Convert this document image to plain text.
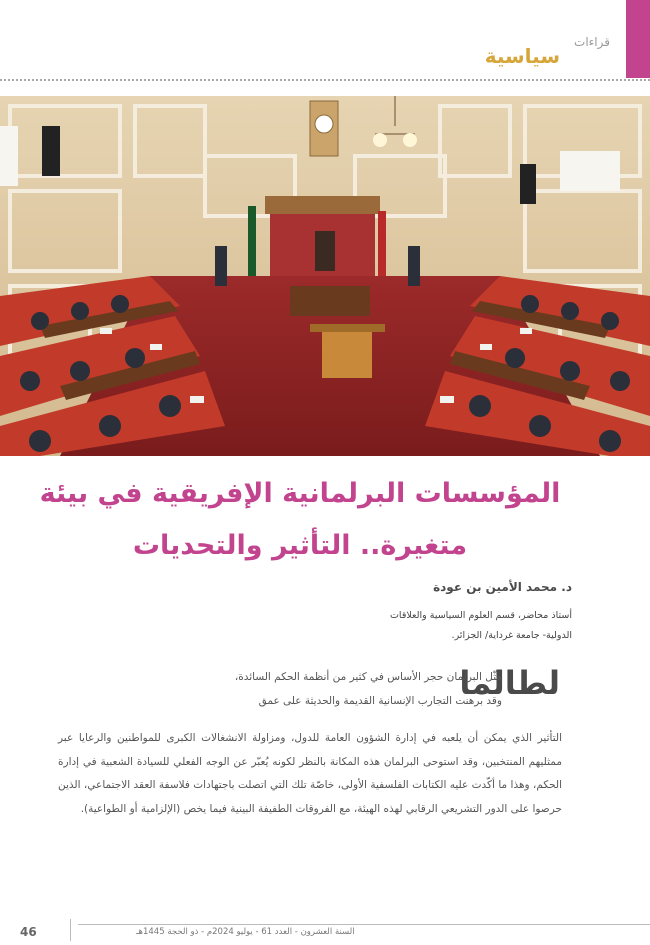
قراءات
سياسية
المؤسسات البرلمانية الإفريقية في بيئة
متغيرة.. التأثير والتحديات
د. محمد الأمين بن عودة
أستاذ محاضر، قسم العلوم السياسية والعلاقات
الدولية- جامعة غرداية/ الجزائر.
لطالما
مثّل البرلمان حجر الأساس في كثير من أنظمة الحكم السائدة،
وقد برهنت التجارب الإنسانية القديمة والحديثة على عمق

التأثير الذي يمكن أن يلعبه في إدارة الشؤون العامة للدول، ومزاولة الانشغالات الكبرى للمواطنين والرعايا عبر ممثليهم المنتخبين، وقد استوحى البرلمان هذه المكانة بالنظر لكونه يُعبّر عن الوجه الفعلي للسيادة الشعبية في إدارة الحكم، وهذا ما أكّدت عليه الكتابات الفلسفية الأولى، خاصّة تلك التي اتصلت باجتهادات فلاسفة العقد الاجتماعي، الذين حرصوا على الدور التشريعي الرقابي لهذه الهيئة، مع الفروقات الطفيفة البينية فيما يخص (الإلزامية أو الطواعية).

46	السنة العشرون - العدد 61 - يوليو 2024م - ذو الحجة 1445هـ
